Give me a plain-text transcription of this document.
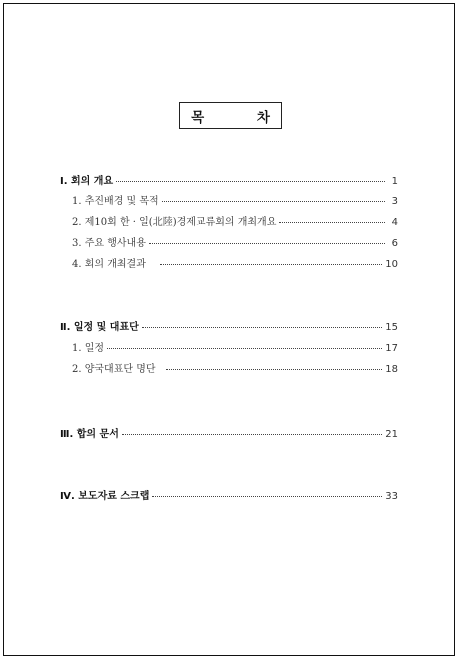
목 차
Ⅰ. 회의 개요	1
1. 추진배경 및 목적	3
2. 제10회 한 · 일(北陸)경제교류회의 개최개요	4
3. 주요 행사내용	6
4. 회의 개최결과	10
Ⅱ. 일정 및 대표단	15
1. 일정	17
2. 양국대표단 명단	18
Ⅲ. 합의 문서	21
Ⅳ. 보도자료 스크랩	33
